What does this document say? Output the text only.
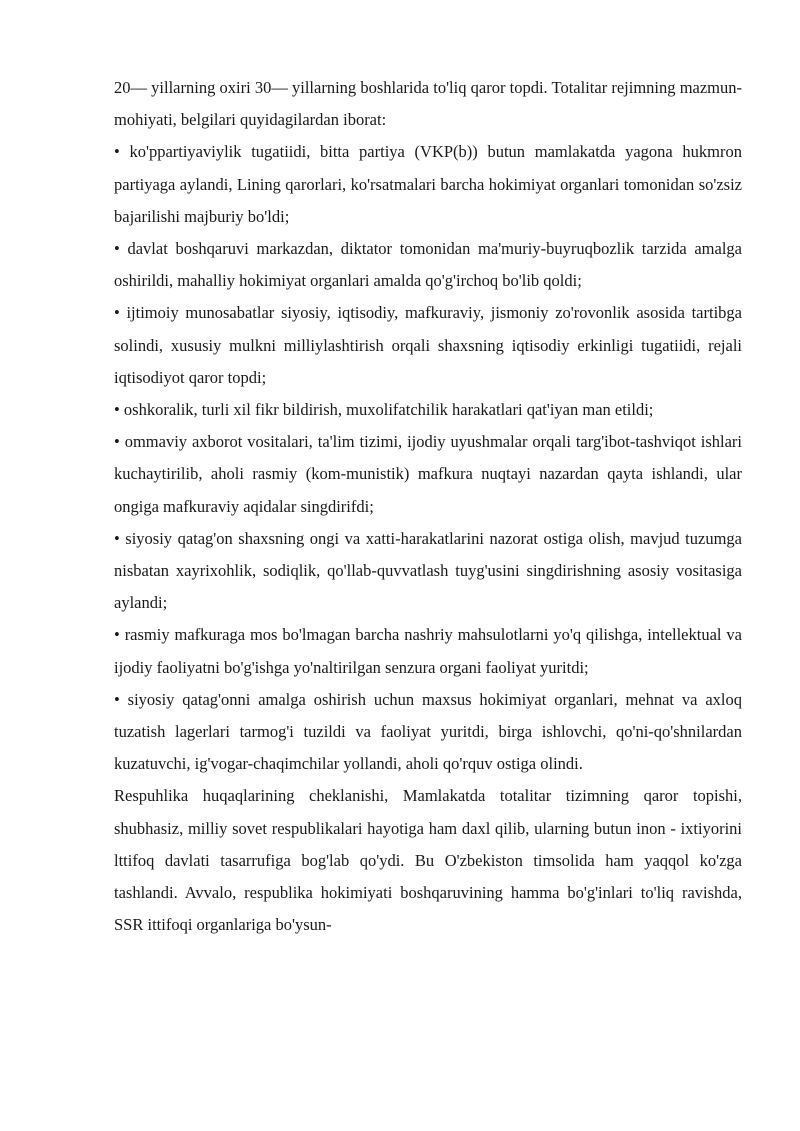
20— yillarning oxiri 30— yillarning boshlarida to'liq qaror topdi. Totalitar rejimning mazmun-mohiyati, belgilari quyidagilardan iborat:

• ko'ppartiyaviylik tugatiidi, bitta partiya (VKP(b)) butun mamlakatda yagona hukmron partiyaga aylandi, Lining qarorlari, ko'rsatmalari barcha hokimiyat organlari tomonidan so'zsiz bajarilishi majburiy bo'ldi;

• davlat boshqaruvi markazdan, diktator tomonidan ma'muriy-buyruqbozlik tarzida amalga oshirildi, mahalliy hokimiyat organlari amalda qo'g'irchoq bo'lib qoldi;

• ijtimoiy munosabatlar siyosiy, iqtisodiy, mafkuraviy, jismoniy zo'rovonlik asosida tartibga solindi, xususiy mulkni milliylashtirish orqali shaxsning iqtisodiy erkinligi tugatiidi, rejali iqtisodiyot qaror topdi;

• oshkoralik, turli xil fikr bildirish, muxolifatchilik harakatlari qat'iyan man etildi;

• ommaviy axborot vositalari, ta'lim tizimi, ijodiy uyushmalar orqali targ'ibot-tashviqot ishlari kuchaytirilib, aholi rasmiy (kom-munistik) mafkura nuqtayi nazardan qayta ishlandi, ular ongiga mafkuraviy aqidalar singdirifdi;

• siyosiy qatag'on shaxsning ongi va xatti-harakatlarini nazorat ostiga olish, mavjud tuzumga nisbatan xayrixohlik, sodiqlik, qo'llab-quvvatlash tuyg'usini singdirishning asosiy vositasiga aylandi;

• rasmiy mafkuraga mos bo'lmagan barcha nashriy mahsulotlarni yo'q qilishga, intellektual va ijodiy faoliyatni bo'g'ishga yo'naltirilgan senzura organi faoliyat yuritdi;

• siyosiy qatag'onni amalga oshirish uchun maxsus hokimiyat organlari, mehnat va axloq tuzatish lagerlari tarmog'i tuzildi va faoliyat yuritdi, birga ishlovchi, qo'ni-qo'shnilardan kuzatuvchi, ig'vogar-chaqimchilar yollandi, aholi qo'rquv ostiga olindi.

Respuhlika huqaqlarining cheklanishi, Mamlakatda totalitar tizimning qaror topishi, shubhasiz, milliy sovet respublikalari hayotiga ham daxl qilib, ularning butun inon - ixtiyorini lttifoq davlati tasarrufiga bog'lab qo'ydi. Bu O'zbekiston timsolida ham yaqqol ko'zga tashlandi. Avvalo, respublika hokimiyati boshqaruvining hamma bo'g'inlari to'liq ravishda, SSR ittifoqi organlariga bo'ysun-
